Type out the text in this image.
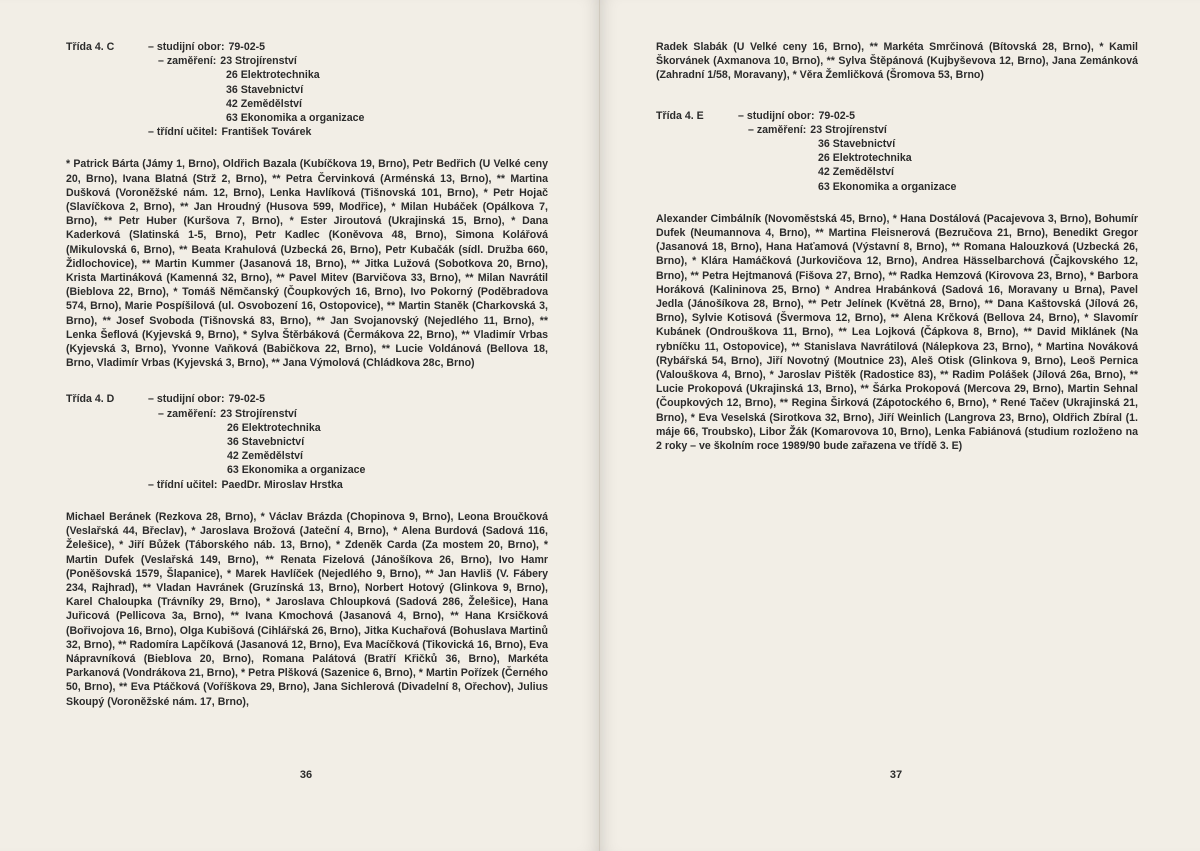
Třída 4. C	– studijní obor: 79-02-5
– zaměření: 23 Strojírenství
26 Elektrotechnika
36 Stavebnictví
42 Zemědělství
63 Ekonomika a organizace
– třídní učitel: František Továrek
* Patrick Bárta (Jámy 1, Brno), Oldřich Bazala (Kubíčkova 19, Brno), Petr Bedřich (U Velké ceny 20, Brno), Ivana Blatná (Strž 2, Brno), ** Petra Červinková (Arménská 13, Brno), ** Martina Dušková (Voroněžské nám. 12, Brno), Lenka Havlíková (Tišnovská 101, Brno), * Petr Hojač (Slavíčkova 2, Brno), ** Jan Hroudný (Husova 599, Modřice), * Milan Hubáček (Opálkova 7, Brno), ** Petr Huber (Kuršova 7, Brno), * Ester Jiroutová (Ukrajinská 15, Brno), * Dana Kaderková (Slatinská 1-5, Brno), Petr Kadlec (Koněvova 48, Brno), Simona Kolářová (Mikulovská 6, Brno), ** Beata Krahulová (Uzbecká 26, Brno), Petr Kubačák (sídl. Družba 660, Židlochovice), ** Martin Kummer (Jasanová 18, Brno), ** Jitka Lužová (Sobotkova 20, Brno), Krista Martináková (Kamenná 32, Brno), ** Pavel Mitev (Barvičova 33, Brno), ** Milan Navrátil (Bieblova 22, Brno), * Tomáš Němčanský (Čoupkových 16, Brno), Ivo Pokorný (Poděbradova 574, Brno), Marie Pospíšilová (ul. Osvobození 16, Ostopovice), ** Martin Staněk (Charkovská 3, Brno), ** Josef Svoboda (Tišnovská 83, Brno), ** Jan Svojanovský (Nejedlého 11, Brno), ** Lenka Šeflová (Kyjevská 9, Brno), * Sylva Štěrbáková (Čermákova 22, Brno), ** Vladimír Vrbas (Kyjevská 3, Brno), Yvonne Vaňková (Babičkova 22, Brno), ** Lucie Voldánová (Bellova 18, Brno, Vladimír Vrbas (Kyjevská 3, Brno), ** Jana Výmolová (Chládkova 28c, Brno)
Třída 4. D	– studijní obor: 79-02-5
– zaměření: 23 Strojírenství
26 Elektrotechnika
36 Stavebnictví
42 Zemědělství
63 Ekonomika a organizace
– třídní učitel: PaedDr. Miroslav Hrstka
Michael Beránek (Rezkova 28, Brno), * Václav Brázda (Chopinova 9, Brno), Leona Broučková (Veslařská 44, Břeclav), * Jaroslava Brožová (Jateční 4, Brno), * Alena Burdová (Sadová 116, Želešice), * Jiří Bůžek (Táborského náb. 13, Brno), * Zdeněk Carda (Za mostem 20, Brno), * Martin Dufek (Veslařská 149, Brno), ** Renata Fizelová (Jánošíkova 26, Brno), Ivo Hamr (Poněšovská 1579, Šlapanice), * Marek Havlíček (Nejedlého 9, Brno), ** Jan Havliš (V. Fábery 234, Rajhrad), ** Vladan Havránek (Gruzínská 13, Brno), Norbert Hotový (Glinkova 9, Brno), Karel Chaloupka (Trávníky 29, Brno), * Jaroslava Chloupková (Sadová 286, Želešice), Hana Juřicová (Pellicova 3a, Brno), ** Ivana Kmochová (Jasanová 4, Brno), ** Hana Krsičková (Bořivojova 16, Brno), Olga Kubišová (Cihlářská 26, Brno), Jitka Kuchařová (Bohuslava Martinů 32, Brno), ** Radomíra Lapčíková (Jasanová 12, Brno), Eva Macíčková (Tikovická 16, Brno), Eva Nápravníková (Bieblova 20, Brno), Romana Palátová (Bratří Křičků 36, Brno), Markéta Parkanová (Vondrákova 21, Brno), * Petra Plšková (Sazenice 6, Brno), * Martin Pořízek (Černého 50, Brno), ** Eva Ptáčková (Voříškova 29, Brno), Jana Sichlerová (Divadelní 8, Ořechov), Julius Skoupý (Voroněžské nám. 17, Brno),
36
Radek Slabák (U Velké ceny 16, Brno), ** Markéta Smrčinová (Bítovská 28, Brno), * Kamil Škorvánek (Axmanova 10, Brno), ** Sylva Štěpánová (Kujbyševova 12, Brno), Jana Zemánková (Zahradní 1/58, Moravany), * Věra Žemličková (Šromova 53, Brno)
Třída 4. E	– studijní obor: 79-02-5
– zaměření: 23 Strojírenství
36 Stavebnictví
26 Elektrotechnika
42 Zemědělství
63 Ekonomika a organizace
Alexander Cimbálník (Novoměstská 45, Brno), * Hana Dostálová (Pacajevova 3, Brno), Bohumír Dufek (Neumannova 4, Brno), ** Martina Fleisnerová (Bezručova 21, Brno), Benedikt Gregor (Jasanová 18, Brno), Hana Haťamová (Výstavní 8, Brno), ** Romana Halouzková (Uzbecká 26, Brno), * Klára Hamáčková (Jurkovičova 12, Brno), Andrea Hässelbarchová (Čajkovského 12, Brno), ** Petra Hejtmanová (Fišova 27, Brno), ** Radka Hemzová (Kirovova 23, Brno), * Barbora Horáková (Kalininova 25, Brno) * Andrea Hrabánková (Sadová 16, Moravany u Brna), Pavel Jedla (Jánošíkova 28, Brno), ** Petr Jelínek (Květná 28, Brno), ** Dana Kaštovská (Jílová 26, Brno), Sylvie Kotisová (Švermova 12, Brno), ** Alena Krčková (Bellova 24, Brno), * Slavomír Kubánek (Ondrouškova 11, Brno), ** Lea Lojková (Čápkova 8, Brno), ** David Miklánek (Na rybníčku 11, Ostopovice), ** Stanislava Navrátilová (Nálepkova 23, Brno), * Martina Nováková (Rybářská 54, Brno), Jiří Novotný (Moutnice 23), Aleš Otisk (Glinkova 9, Brno), Leoš Pernica (Valouškova 4, Brno), * Jaroslav Pištěk (Radostice 83), ** Radim Polášek (Jílová 26a, Brno), ** Lucie Prokopová (Ukrajinská 13, Brno), ** Šárka Prokopová (Mercova 29, Brno), Martin Sehnal (Čoupkových 12, Brno), ** Regina Širková (Zápotockého 6, Brno), * René Tačev (Ukrajinská 21, Brno), * Eva Veselská (Sirotkova 32, Brno), Jiří Weinlich (Langrova 23, Brno), Oldřich Zbíral (1. máje 66, Troubsko), Libor Žák (Komarovova 10, Brno), Lenka Fabiánová (studium rozloženo na 2 roky – ve školním roce 1989/90 bude zařazena ve třídě 3. E)
37
